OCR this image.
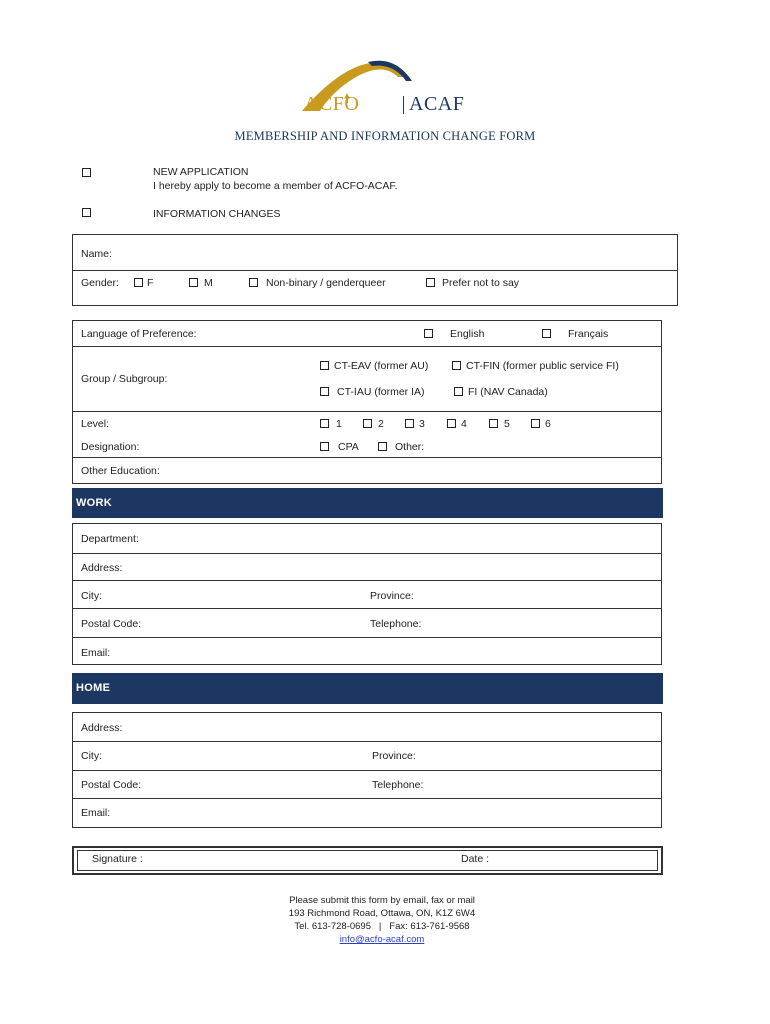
ACFO ACAF
MEMBERSHIP AND INFORMATION CHANGE FORM
NEW APPLICATION
I hereby apply to become a member of ACFO-ACAF.
INFORMATION CHANGES
Name:
Gender:	F	M	Non-binary / genderqueer	Prefer not to say
Language of Preference:	English	Français
Group / Subgroup:
CT-EAV (former AU)	CT-FIN (former public service FI)
CT-IAU (former IA)	FI (NAV Canada)
Level:	1	2	3	4	5	6
Designation:	CPA	Other:
Other Education:
WORK
Department:
Address:
City:	Province:
Postal Code:	Telephone:
Email:
HOME
Address:
City:	Province:
Postal Code:	Telephone:
Email:
Signature :	Date :
Please submit this form by email, fax or mail
193 Richmond Road, Ottawa, ON, K1Z 6W4
Tel. 613-728-0695   |   Fax: 613-761-9568
info@acfo-acaf.com
